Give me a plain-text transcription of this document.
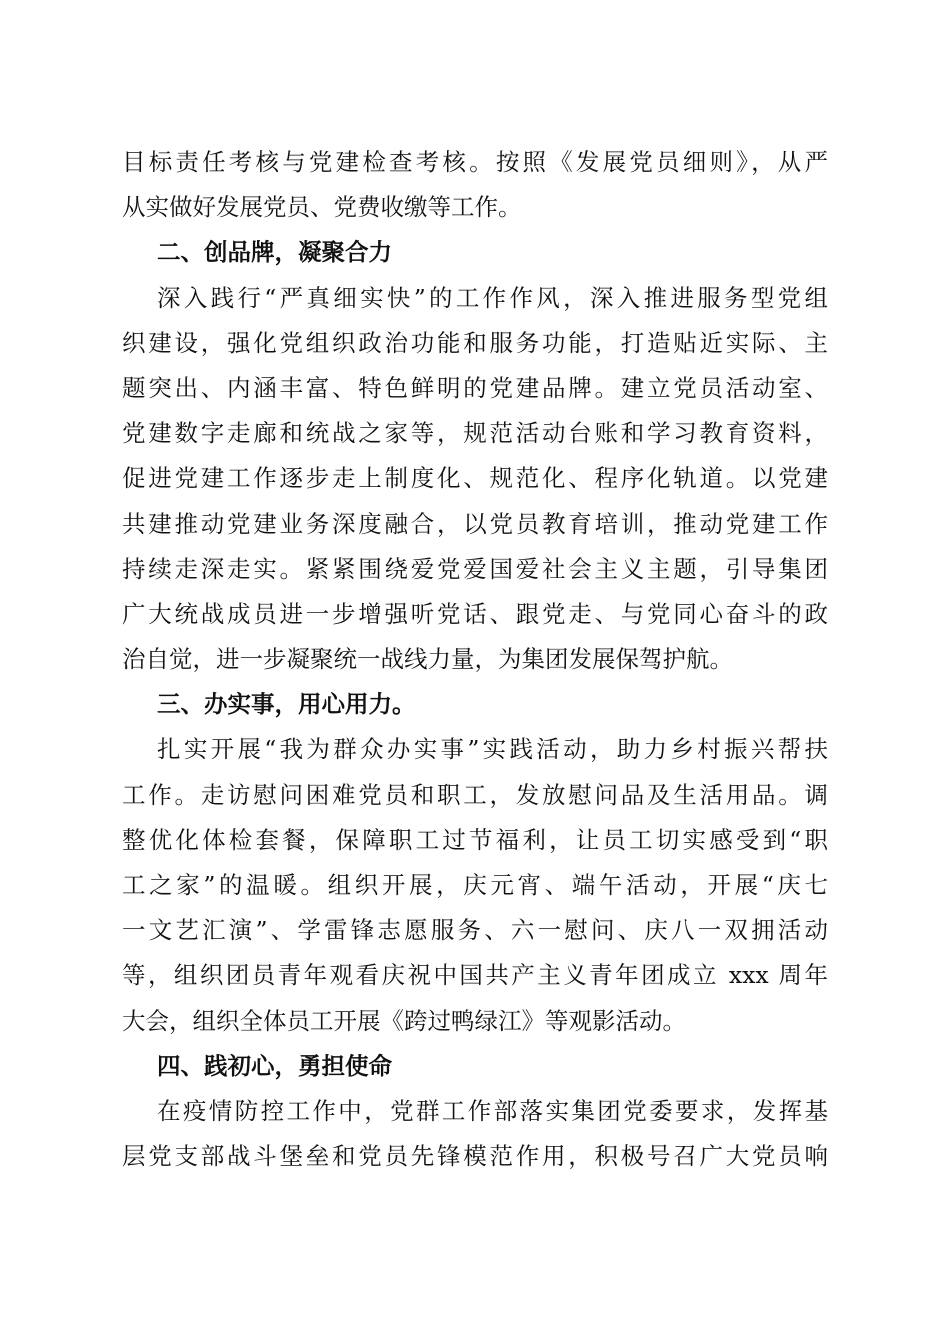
目标责任考核与党建检查考核。按照《发展党员细则》，从严
从实做好发展党员、党费收缴等工作。
二、创品牌，凝聚合力
深入践行“严真细实快”的工作作风，深入推进服务型党组
织建设，强化党组织政治功能和服务功能，打造贴近实际、主
题突出、内涵丰富、特色鲜明的党建品牌。建立党员活动室、
党建数字走廊和统战之家等，规范活动台账和学习教育资料，
促进党建工作逐步走上制度化、规范化、程序化轨道。以党建
共建推动党建业务深度融合，以党员教育培训，推动党建工作
持续走深走实。紧紧围绕爱党爱国爱社会主义主题，引导集团
广大统战成员进一步增强听党话、跟党走、与党同心奋斗的政
治自觉，进一步凝聚统一战线力量，为集团发展保驾护航。
三、办实事，用心用力。
扎实开展“我为群众办实事”实践活动，助力乡村振兴帮扶
工作。走访慰问困难党员和职工，发放慰问品及生活用品。调
整优化体检套餐，保障职工过节福利，让员工切实感受到“职
工之家”的温暖。组织开展，庆元宵、端午活动，开展“庆七
一文艺汇演”、学雷锋志愿服务、六一慰问、庆八一双拥活动
等，组织团员青年观看庆祝中国共产主义青年团成立 xxx 周年
大会，组织全体员工开展《跨过鸭绿江》等观影活动。
四、践初心，勇担使命
在疫情防控工作中，党群工作部落实集团党委要求，发挥基
层党支部战斗堡垒和党员先锋模范作用，积极号召广大党员响
